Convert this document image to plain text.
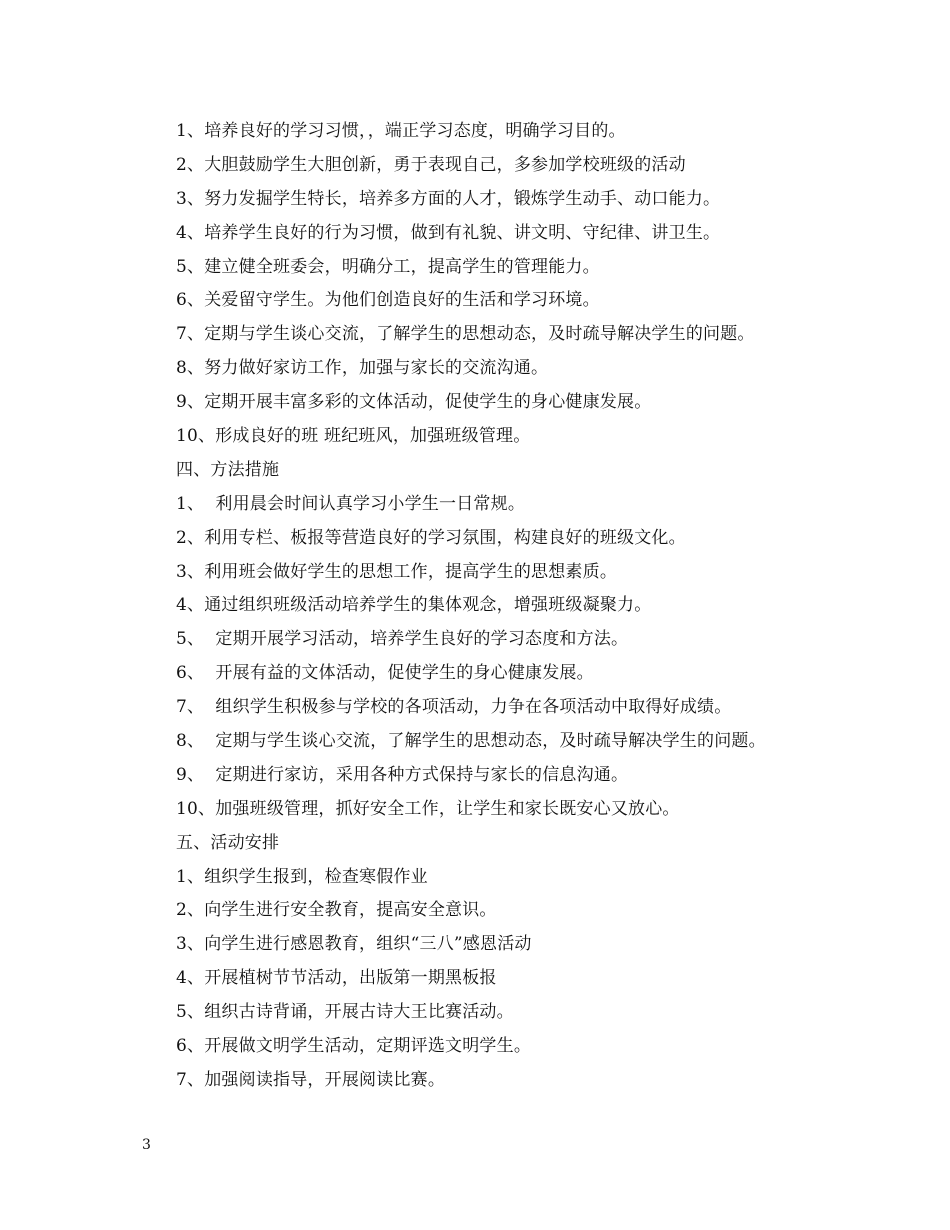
1、培养良好的学习习惯，，端正学习态度，明确学习目的。
2、大胆鼓励学生大胆创新，勇于表现自己，多参加学校班级的活动
3、努力发掘学生特长，培养多方面的人才，锻炼学生动手、动口能力。
4、培养学生良好的行为习惯，做到有礼貌、讲文明、守纪律、讲卫生。
5、建立健全班委会，明确分工，提高学生的管理能力。
6、关爱留守学生。为他们创造良好的生活和学习环境。
7、定期与学生谈心交流，了解学生的思想动态，及时疏导解决学生的问题。
8、努力做好家访工作，加强与家长的交流沟通。
9、定期开展丰富多彩的文体活动，促使学生的身心健康发展。
10、形成良好的班 班纪班风，加强班级管理。
四、方法措施
1、  利用晨会时间认真学习小学生一日常规。
2、利用专栏、板报等营造良好的学习氛围，构建良好的班级文化。
3、利用班会做好学生的思想工作，提高学生的思想素质。
4、通过组织班级活动培养学生的集体观念，增强班级凝聚力。
5、  定期开展学习活动，培养学生良好的学习态度和方法。
6、  开展有益的文体活动，促使学生的身心健康发展。
7、  组织学生积极参与学校的各项活动，力争在各项活动中取得好成绩。
8、  定期与学生谈心交流，了解学生的思想动态，及时疏导解决学生的问题。
9、  定期进行家访，采用各种方式保持与家长的信息沟通。
10、加强班级管理，抓好安全工作，让学生和家长既安心又放心。
五、活动安排
1、组织学生报到，检查寒假作业
2、向学生进行安全教育，提高安全意识。
3、向学生进行感恩教育，组织“三八”感恩活动
4、开展植树节节活动，出版第一期黑板报
5、组织古诗背诵，开展古诗大王比赛活动。
6、开展做文明学生活动，定期评选文明学生。
7、加强阅读指导，开展阅读比赛。
3
